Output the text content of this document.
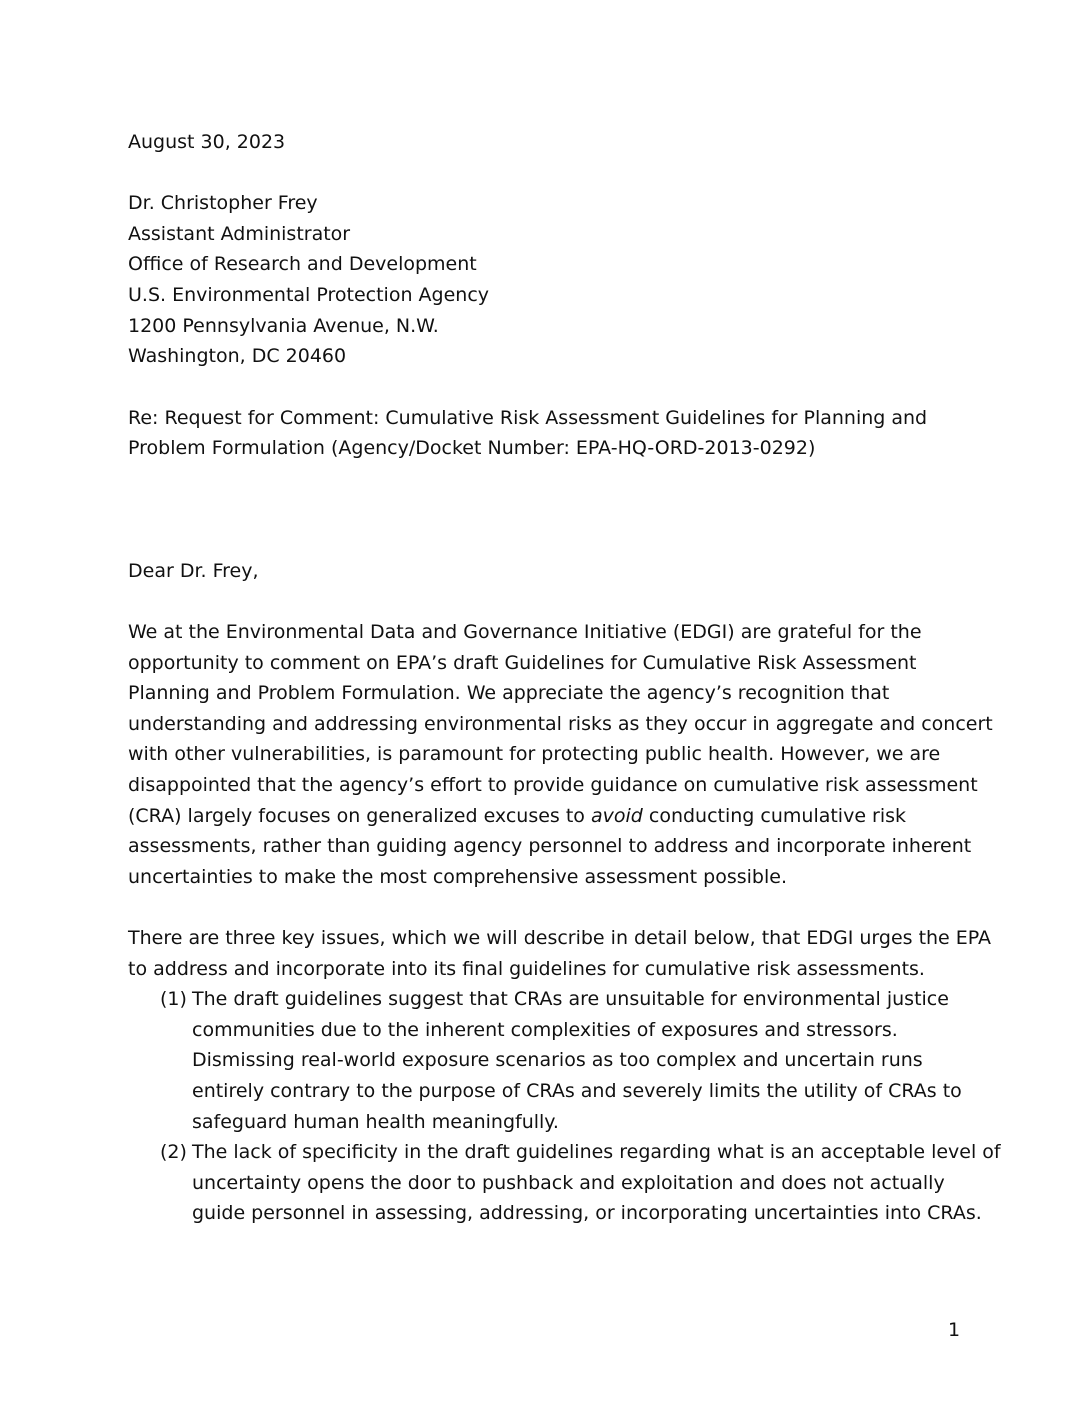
August 30, 2023
Dr. Christopher Frey
Assistant Administrator
Office of Research and Development
U.S. Environmental Protection Agency
1200 Pennsylvania Avenue, N.W.
Washington, DC 20460
Re: Request for Comment: Cumulative Risk Assessment Guidelines for Planning and
Problem Formulation (Agency/Docket Number: EPA-HQ-ORD-2013-0292)
Dear Dr. Frey,
We at the Environmental Data and Governance Initiative (EDGI) are grateful for the
opportunity to comment on EPA’s draft Guidelines for Cumulative Risk Assessment
Planning and Problem Formulation. We appreciate the agency’s recognition that
understanding and addressing environmental risks as they occur in aggregate and concert
with other vulnerabilities, is paramount for protecting public health. However, we are
disappointed that the agency’s effort to provide guidance on cumulative risk assessment
(CRA) largely focuses on generalized excuses to avoid conducting cumulative risk
assessments, rather than guiding agency personnel to address and incorporate inherent
uncertainties to make the most comprehensive assessment possible.
There are three key issues, which we will describe in detail below, that EDGI urges the EPA
to address and incorporate into its final guidelines for cumulative risk assessments.
(1) The draft guidelines suggest that CRAs are unsuitable for environmental justice
communities due to the inherent complexities of exposures and stressors.
Dismissing real-world exposure scenarios as too complex and uncertain runs
entirely contrary to the purpose of CRAs and severely limits the utility of CRAs to
safeguard human health meaningfully.
(2) The lack of specificity in the draft guidelines regarding what is an acceptable level of
uncertainty opens the door to pushback and exploitation and does not actually
guide personnel in assessing, addressing, or incorporating uncertainties into CRAs.
1
